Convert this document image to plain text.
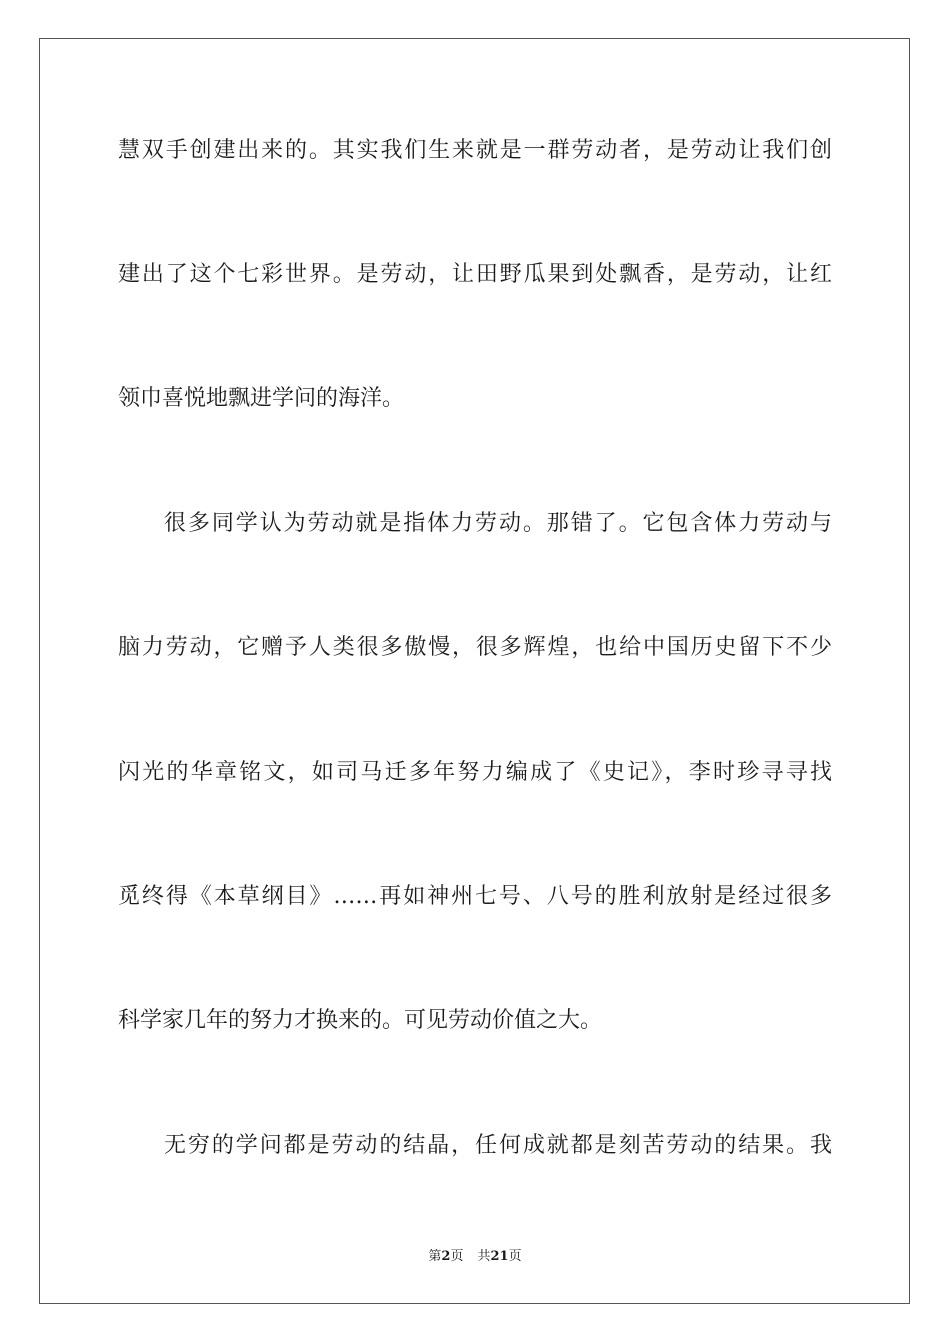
慧双手创建出来的。其实我们生来就是一群劳动者，是劳动让我们创
建出了这个七彩世界。是劳动，让田野瓜果到处飘香，是劳动，让红
领巾喜悦地飘进学问的海洋。
很多同学认为劳动就是指体力劳动。那错了。它包含体力劳动与
脑力劳动，它赠予人类很多傲慢，很多辉煌，也给中国历史留下不少
闪光的华章铭文，如司马迁多年努力编成了《史记》，李时珍寻寻找
觅终得《本草纲目》……再如神州七号、八号的胜利放射是经过很多
科学家几年的努力才换来的。可见劳动价值之大。
无穷的学问都是劳动的结晶，任何成就都是刻苦劳动的结果。我
第2页 共21页
